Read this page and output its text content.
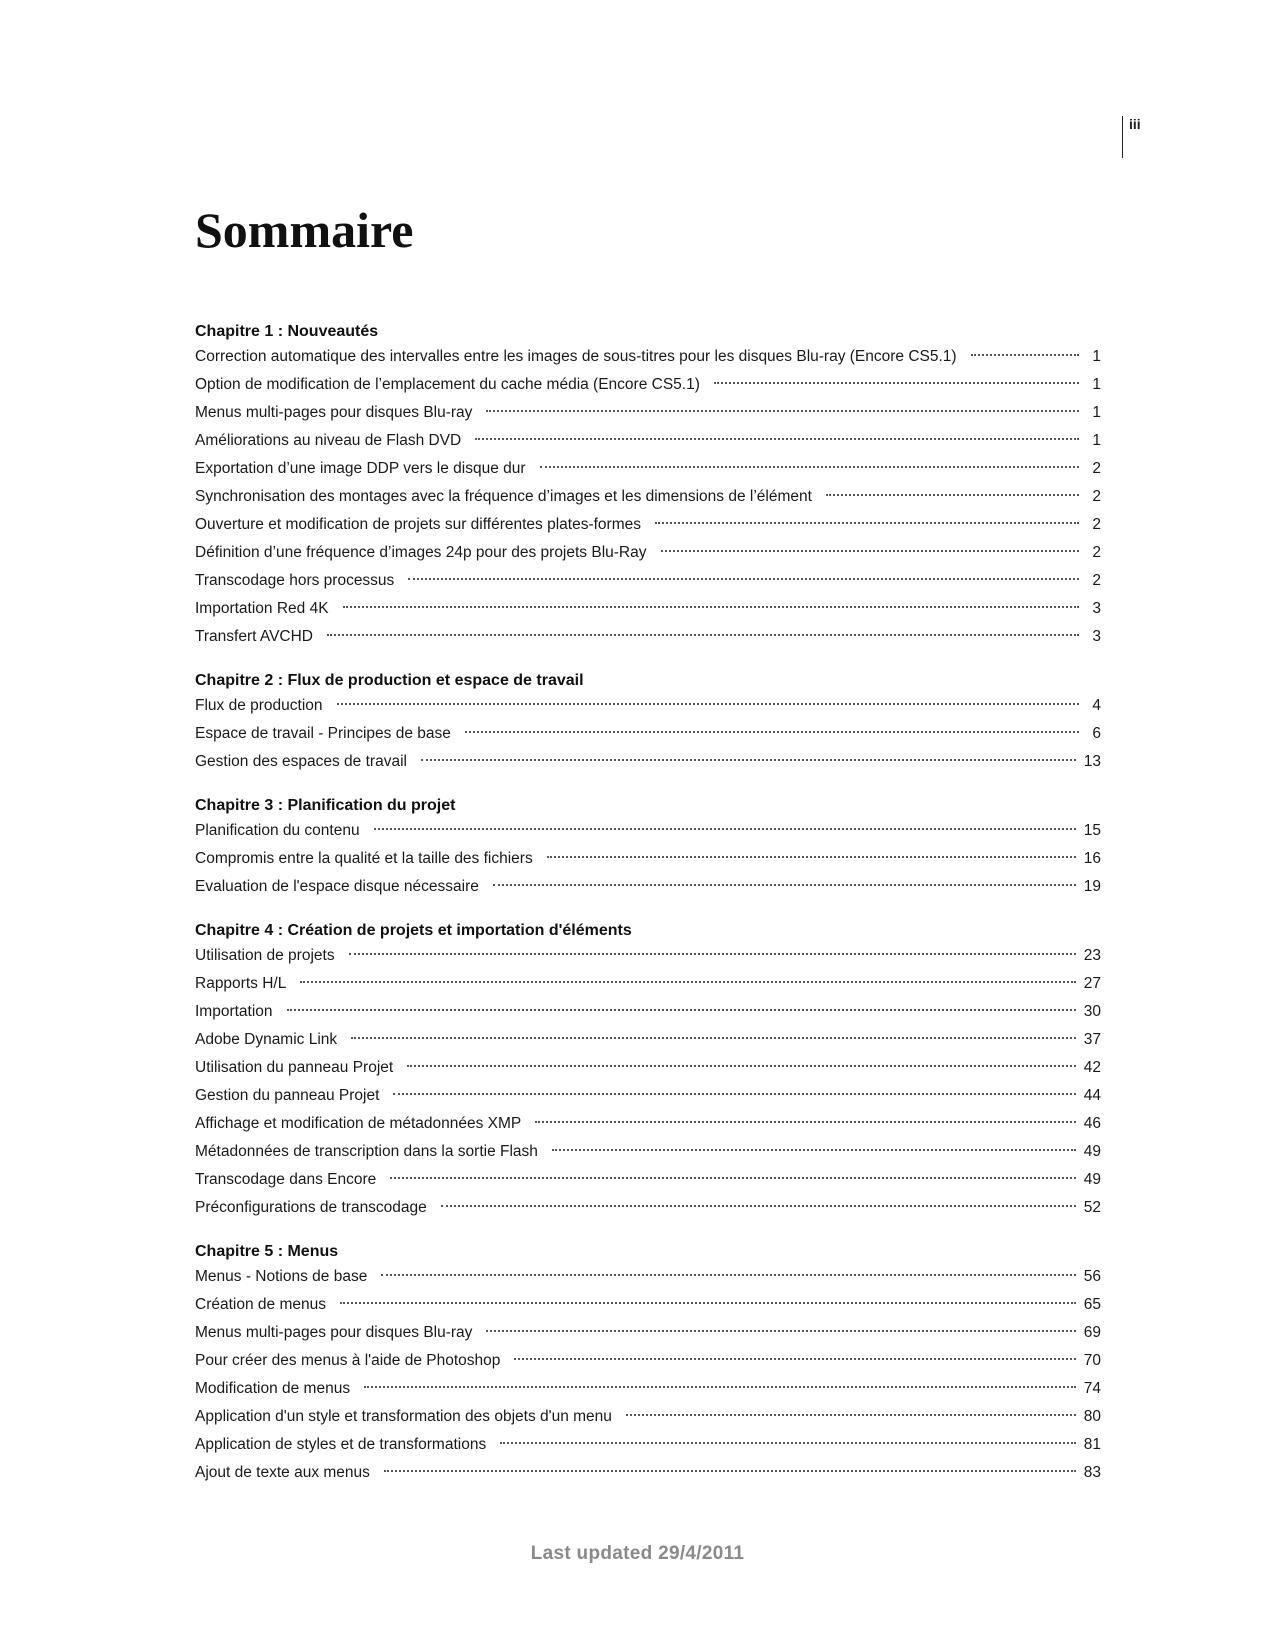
iii
Sommaire
Chapitre 1 : Nouveautés
Correction automatique des intervalles entre les images de sous-titres pour les disques Blu-ray (Encore CS5.1)	1
Option de modification de l’emplacement du cache média (Encore CS5.1)	1
Menus multi-pages pour disques Blu-ray	1
Améliorations au niveau de Flash DVD	1
Exportation d’une image DDP vers le disque dur	2
Synchronisation des montages avec la fréquence d’images et les dimensions de l’élément	2
Ouverture et modification de projets sur différentes plates-formes	2
Définition d’une fréquence d’images 24p pour des projets Blu-Ray	2
Transcodage hors processus	2
Importation Red 4K	3
Transfert AVCHD	3
Chapitre 2 : Flux de production et espace de travail
Flux de production	4
Espace de travail - Principes de base	6
Gestion des espaces de travail	13
Chapitre 3 : Planification du projet
Planification du contenu	15
Compromis entre la qualité et la taille des fichiers	16
Evaluation de l'espace disque nécessaire	19
Chapitre 4 : Création de projets et importation d'éléments
Utilisation de projets	23
Rapports H/L	27
Importation	30
Adobe Dynamic Link	37
Utilisation du panneau Projet	42
Gestion du panneau Projet	44
Affichage et modification de métadonnées XMP	46
Métadonnées de transcription dans la sortie Flash	49
Transcodage dans Encore	49
Préconfigurations de transcodage	52
Chapitre 5 : Menus
Menus - Notions de base	56
Création de menus	65
Menus multi-pages pour disques Blu-ray	69
Pour créer des menus à l'aide de Photoshop	70
Modification de menus	74
Application d'un style et transformation des objets d'un menu	80
Application de styles et de transformations	81
Ajout de texte aux menus	83
Last updated 29/4/2011
